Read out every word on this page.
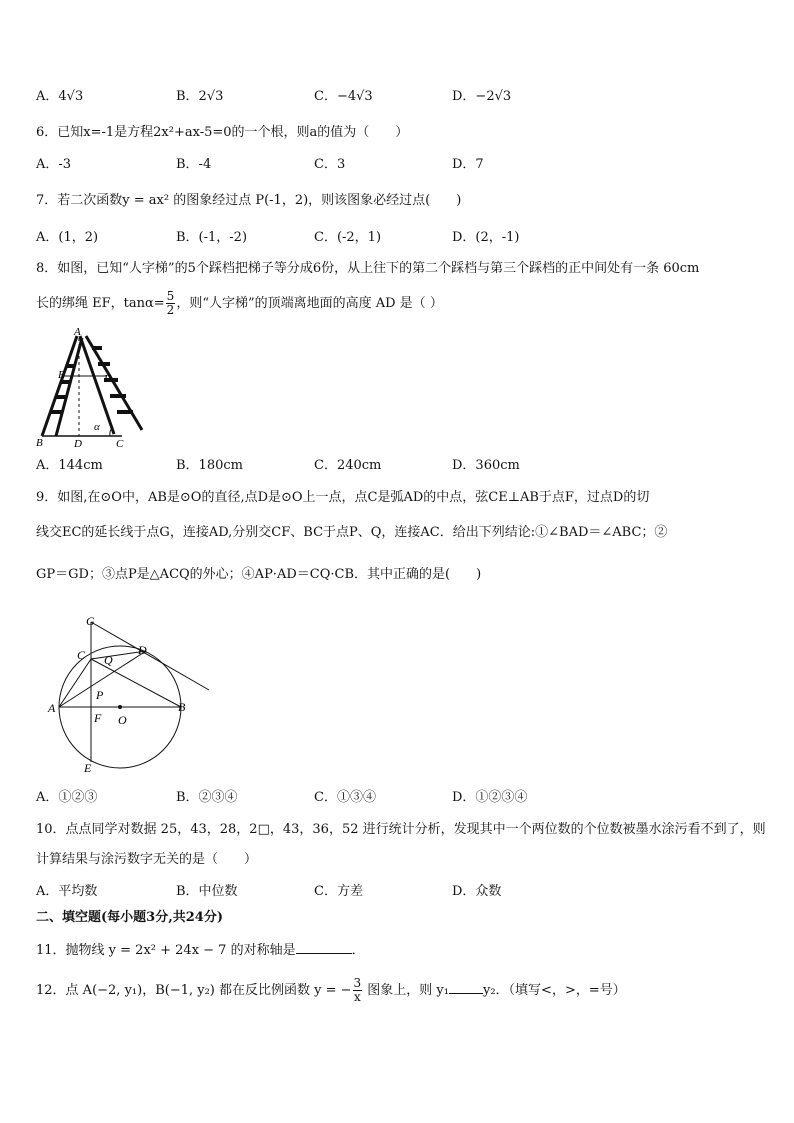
A．4√3	B．2√3	C．−4√3	D．−2√3
6．已知x=-1是方程2x²+ax-5=0的一个根，则a的值为（　　）
A．-3	B．-4	C．3	D．7
7．若二次函数y = ax² 的图象经过点 P(-1，2)，则该图象必经过点(　　)
A．(1，2)	B．(-1，-2)	C．(-2，1)	D．(2，-1)
8．如图，已知“人字梯”的5个踩档把梯子等分成6份，从上往下的第二个踩档与第三个踩档的正中间处有一条 60cm
长的绑绳 EF，$\tan\alpha= \frac{5}{2}$ ，则“人字梯”的顶端离地面的高度 AD 是（ ）
A
E	F
B	D	C
α
A．144cm	B．180cm	C．240cm	D．360cm
9．如图,在⊙O中，AB是⊙O的直径,点D是⊙O上一点，点C是弧AD的中点，弦CE⊥AB于点F，过点D的切
线交EC的延长线于点G，连接AD,分别交CF、BC于点P、Q，连接AC．给出下列结论:①∠BAD＝∠ABC；②
GP＝GD；③点P是△ACQ的外心；④AP·AD＝CQ·CB．其中正确的是(　　)
G
C Q
D
P
A
F O
B
E
A．①②③	B．②③④	C．①③④	D．①②③④
10．点点同学对数据 25，43，28，2□，43，36，52 进行统计分析，发现其中一个两位数的个位数被墨水涂污看不到了，则
计算结果与涂污数字无关的是（　　）
A．平均数	B．中位数	C．方差	D．众数
二、填空题(每小题3分,共24分)
11．抛物线 y = 2x² + 24x − 7 的对称轴是	．
12．点 A(−2, y₁)，B(−1, y₂) 都在反比例函数 y = − $\frac{3}{x}$ 图象上，则 y₁	y₂．（填写<，>，=号）
